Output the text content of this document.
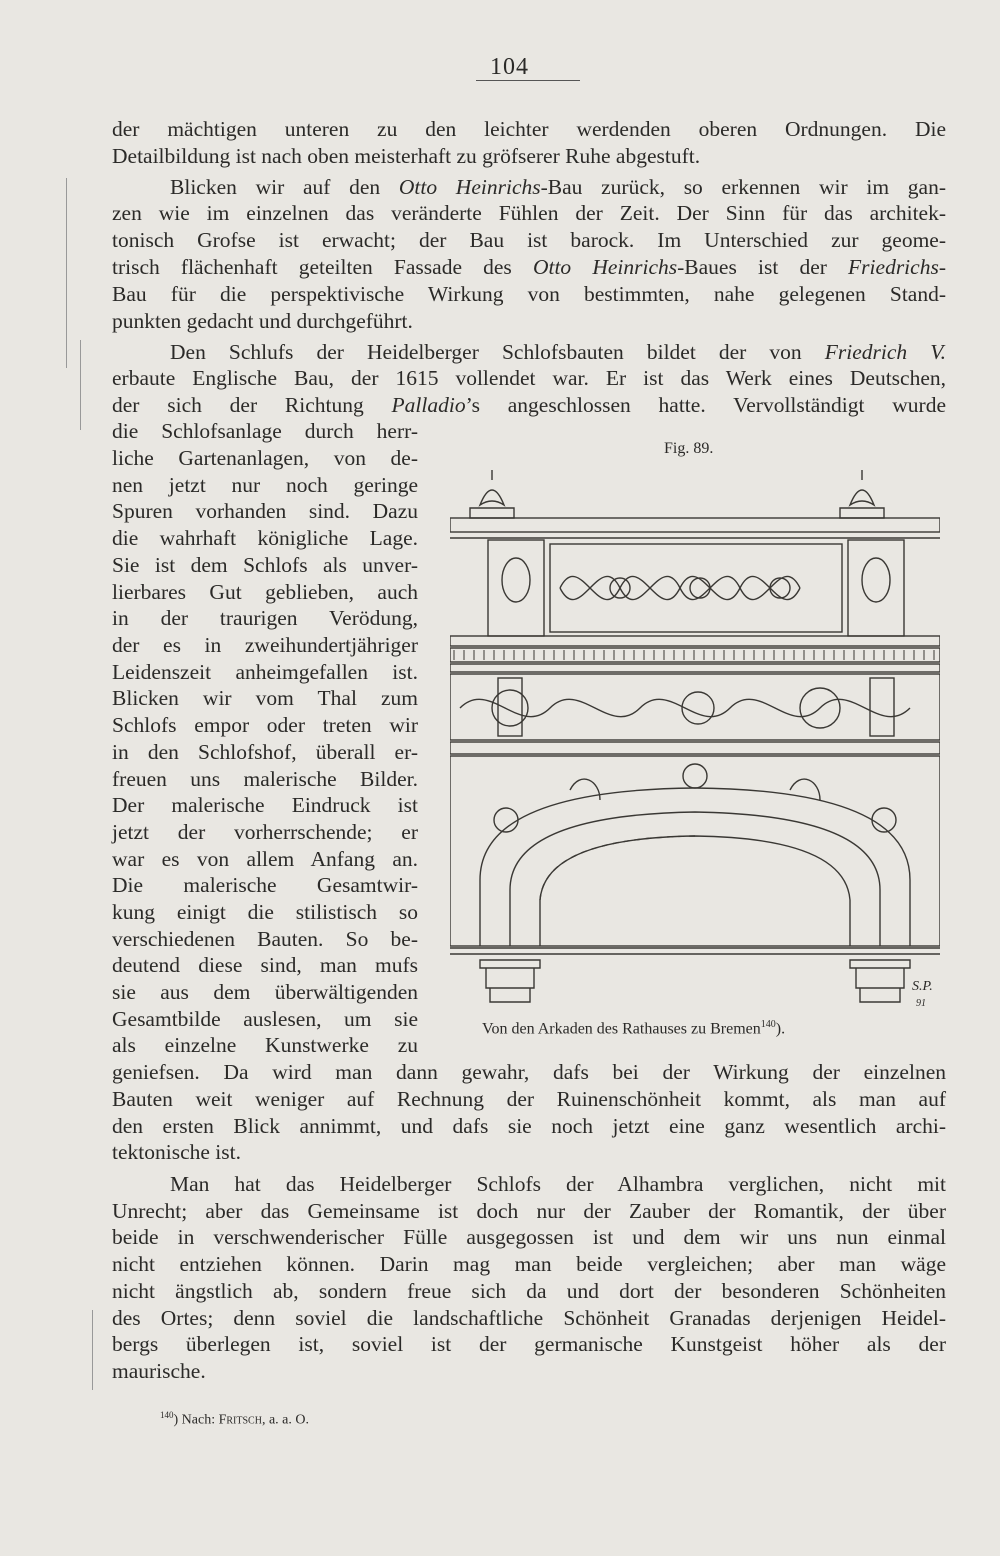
104
der mächtigen unteren zu den leichter werdenden oberen Ordnungen. Die
Detailbildung ist nach oben meisterhaft zu gröfserer Ruhe abgestuft.
Blicken wir auf den Otto Heinrichs-Bau zurück, so erkennen wir im gan-
zen wie im einzelnen das veränderte Fühlen der Zeit. Der Sinn für das architek-
tonisch Grofse ist erwacht; der Bau ist barock. Im Unterschied zur geome-
trisch flächenhaft geteilten Fassade des Otto Heinrichs-Baues ist der Friedrichs-
Bau für die perspektivische Wirkung von bestimmten, nahe gelegenen Stand-
punkten gedacht und durchgeführt.
Den Schlufs der Heidelberger Schlofsbauten bildet der von Friedrich V.
erbaute Englische Bau, der 1615 vollendet war. Er ist das Werk eines Deutschen,
der sich der Richtung Palladio’s angeschlossen hatte. Vervollständigt wurde
die Schlofsanlage durch herr-
liche Gartenanlagen, von de-
nen jetzt nur noch geringe
Spuren vorhanden sind. Dazu
die wahrhaft königliche Lage.
Sie ist dem Schlofs als unver-
lierbares Gut geblieben, auch
in der traurigen Verödung,
der es in zweihundertjähriger
Leidenszeit anheimgefallen ist.
Blicken wir vom Thal zum
Schlofs empor oder treten wir
in den Schlofshof, überall er-
freuen uns malerische Bilder.
Der malerische Eindruck ist
jetzt der vorherrschende; er
war es von allem Anfang an.
Die malerische Gesamtwir-
kung einigt die stilistisch so
verschiedenen Bauten. So be-
deutend diese sind, man mufs
sie aus dem überwältigenden
Gesamtbilde auslesen, um sie
als einzelne Kunstwerke zu
geniefsen. Da wird man dann gewahr, dafs bei der Wirkung der einzelnen
Bauten weit weniger auf Rechnung der Ruinenschönheit kommt, als man auf
den ersten Blick annimmt, und dafs sie noch jetzt eine ganz wesentlich archi-
tektonische ist.
Man hat das Heidelberger Schlofs der Alhambra verglichen, nicht mit
Unrecht; aber das Gemeinsame ist doch nur der Zauber der Romantik, der über
beide in verschwenderischer Fülle ausgegossen ist und dem wir uns nun einmal
nicht entziehen können. Darin mag man beide vergleichen; aber man wäge
nicht ängstlich ab, sondern freue sich da und dort der besonderen Schönheiten
des Ortes; denn soviel die landschaftliche Schönheit Granadas derjenigen Heidel-
bergs überlegen ist, soviel ist der germanische Kunstgeist höher als der
maurische.
Fig. 89.
S.P.
91
Von den Arkaden des Rathauses zu Bremen$^{140}$).
$^{140}$) Nach: Fritsch, a. a. O.
